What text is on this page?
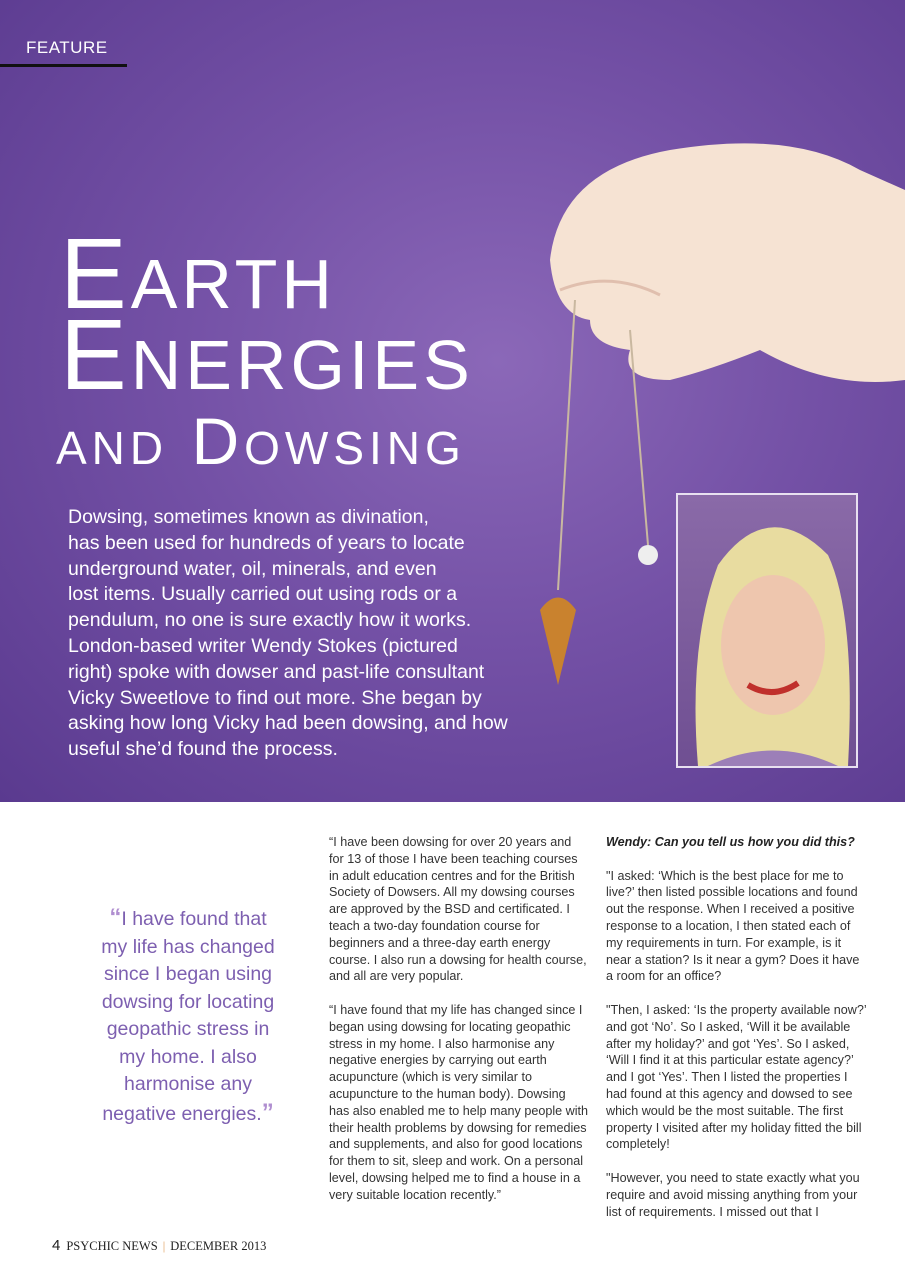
FEATURE
Earth
Energies
and Dowsing
Dowsing, sometimes known as divination,
has been used for hundreds of years to locate
underground water, oil, minerals, and even
lost items. Usually carried out using rods or a
pendulum, no one is sure exactly how it works.
London-based writer Wendy Stokes (pictured
right) spoke with dowser and past-life consultant
Vicky Sweetlove to find out more. She began by
asking how long Vicky had been dowsing, and how
useful she’d found the process.
“I have found that my life has changed since I began using dowsing for locating geopathic stress in my home. I also harmonise any negative energies.”

“I have been dowsing for over 20 years and for 13 of those I have been teaching courses in adult education centres and for the British Society of Dowsers. All my dowsing courses are approved by the BSD and certificated. I teach a two-day foundation course for beginners and a three-day earth energy course. I also run a dowsing for health course, and all are very popular.

“I have found that my life has changed since I began using dowsing for locating geopathic stress in my home. I also harmonise any negative energies by carrying out earth acupuncture (which is very similar to acupuncture to the human body). Dowsing has also enabled me to help many people with their health problems by dowsing for remedies and supplements, and also for good locations for them to sit, sleep and work. On a personal level, dowsing helped me to find a house in a very suitable location recently.”

Wendy: Can you tell us how you did this?

"I asked: ‘Which is the best place for me to live?’ then listed possible locations and found out the response. When I received a positive response to a location, I then stated each of my requirements in turn. For example, is it near a station? Is it near a gym? Does it have a room for an office?

"Then, I asked: ‘Is the property available now?’ and got ‘No’. So I asked, ‘Will it be available after my holiday?’ and got ‘Yes’. So I asked, ‘Will I find it at this particular estate agency?’ and I got ‘Yes’. Then I listed the properties I had found at this agency and dowsed to see which would be the most suitable. The first property I visited after my holiday fitted the bill completely!

"However, you need to state exactly what you require and avoid missing anything from your list of requirements. I missed out that I

4 PSYCHIC NEWS | DECEMBER 2013
